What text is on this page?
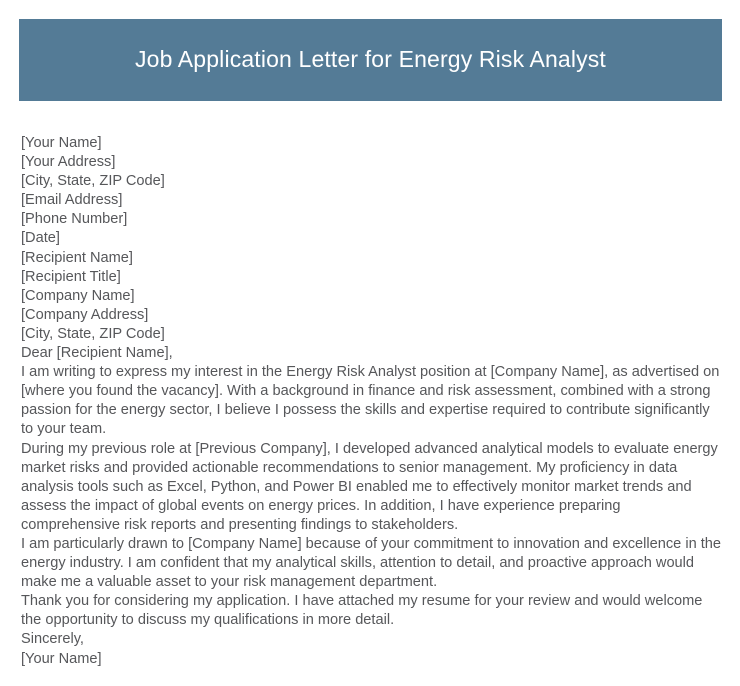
Job Application Letter for Energy Risk Analyst
[Your Name]
[Your Address]
[City, State, ZIP Code]
[Email Address]
[Phone Number]
[Date]
[Recipient Name]
[Recipient Title]
[Company Name]
[Company Address]
[City, State, ZIP Code]
Dear [Recipient Name],

I am writing to express my interest in the Energy Risk Analyst position at [Company Name], as advertised on [where you found the vacancy]. With a background in finance and risk assessment, combined with a strong passion for the energy sector, I believe I possess the skills and expertise required to contribute significantly to your team.

During my previous role at [Previous Company], I developed advanced analytical models to evaluate energy market risks and provided actionable recommendations to senior management. My proficiency in data analysis tools such as Excel, Python, and Power BI enabled me to effectively monitor market trends and assess the impact of global events on energy prices. In addition, I have experience preparing comprehensive risk reports and presenting findings to stakeholders.

I am particularly drawn to [Company Name] because of your commitment to innovation and excellence in the energy industry. I am confident that my analytical skills, attention to detail, and proactive approach would make me a valuable asset to your risk management department.

Thank you for considering my application. I have attached my resume for your review and would welcome the opportunity to discuss my qualifications in more detail.

Sincerely,
[Your Name]
